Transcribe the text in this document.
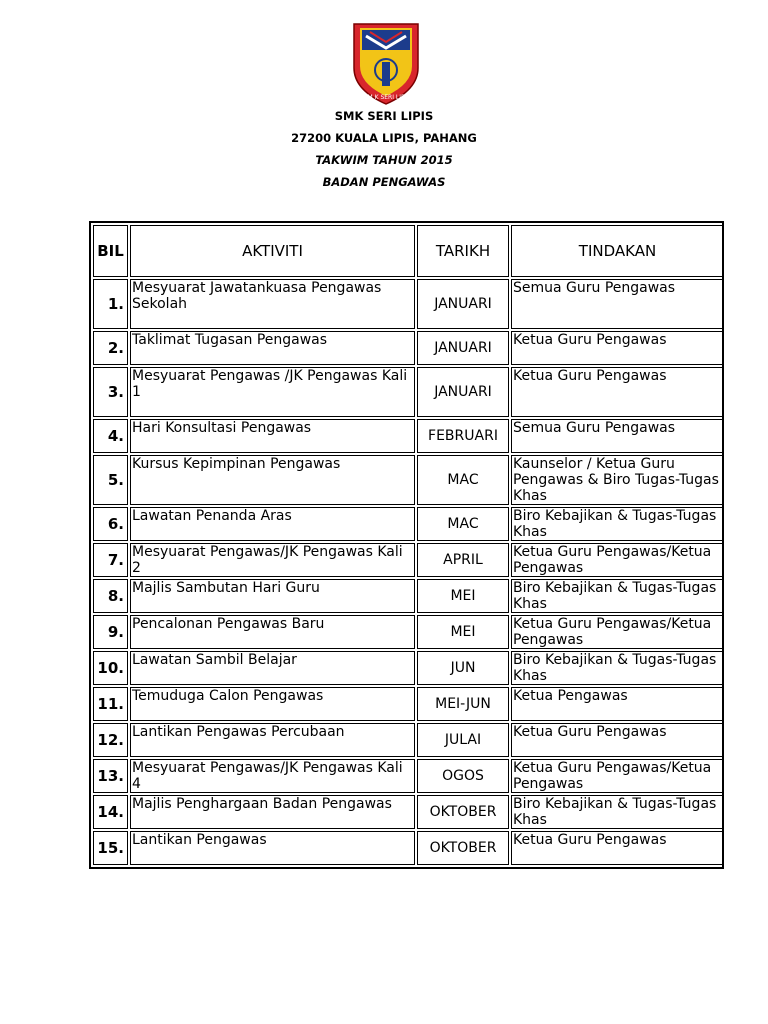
S M K SERI LIPIS
SMK SERI LIPIS
27200 KUALA LIPIS, PAHANG
TAKWIM TAHUN 2015
BADAN PENGAWAS
BIL	AKTIVITI	TARIKH	TINDAKAN
1.	Mesyuarat Jawatankuasa Pengawas Sekolah	JANUARI	Semua Guru Pengawas
2.	Taklimat Tugasan Pengawas	JANUARI	Ketua Guru Pengawas
3.	Mesyuarat Pengawas /JK Pengawas Kali 1	JANUARI	Ketua Guru Pengawas
4.	Hari Konsultasi Pengawas	FEBRUARI	Semua Guru Pengawas
5.	Kursus Kepimpinan Pengawas	MAC	Kaunselor / Ketua Guru Pengawas & Biro Tugas-Tugas Khas
6.	Lawatan Penanda Aras	MAC	Biro Kebajikan & Tugas-Tugas Khas
7.	Mesyuarat Pengawas/JK Pengawas Kali 2	APRIL	Ketua Guru Pengawas/Ketua Pengawas
8.	Majlis Sambutan Hari Guru	MEI	Biro Kebajikan & Tugas-Tugas Khas
9.	Pencalonan Pengawas Baru	MEI	Ketua Guru Pengawas/Ketua Pengawas
10.	Lawatan Sambil Belajar	JUN	Biro Kebajikan & Tugas-Tugas Khas
11.	Temuduga Calon Pengawas	MEI-JUN	Ketua Pengawas
12.	Lantikan Pengawas Percubaan	JULAI	Ketua Guru Pengawas
13.	Mesyuarat Pengawas/JK Pengawas Kali 4	OGOS	Ketua Guru Pengawas/Ketua Pengawas
14.	Majlis Penghargaan Badan Pengawas	OKTOBER	Biro Kebajikan & Tugas-Tugas Khas
15.	Lantikan Pengawas	OKTOBER	Ketua Guru Pengawas
